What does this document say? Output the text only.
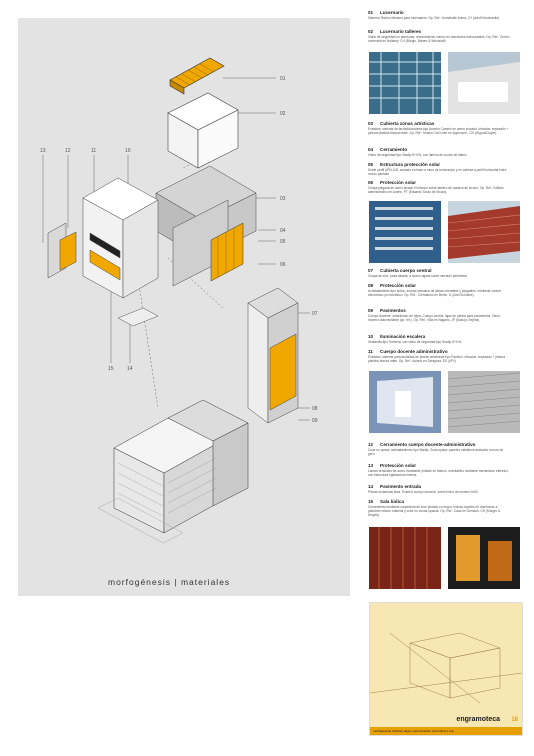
01
02
03
04
05
06
07
08
09
10
11
12
13
14
15
morfogénesis | materiales
01 Lucernario
Sistema Techno Mesano para lucernarios. Op. Ref.: Kunsthalle Arena, CY (Adolf Krischanitz)
02 Lucernario talleres
Vidrio de seguridad en aberturas, recubrimiento cónico en machones estructurales. Op. Ref.: Centro comercial en Nullarey, CH (Bürgin, Nissen & Wentzlaff)
03 Cubierta zonas artísticas
Extrados: sistema de fachada/cubierta tipo Ancelor Camelo en acero zincado. Intrados: enyesado + pintura plástica blanca mate. Op. Ref.: Museo Carl Liner en Appenzell - CH (Gigon&Guyer)
04 Cerramiento
Vidrio de seguridad tipo Stadip 6+4+6, con lámina de ccolos de titanio
05 Estructura protección solar
Doble perfil UPN-100, anclado en base a muro de mineración y en cabeza a perfil horizontal entre muros pantalla
06 Protección solar
Chapa plegada de acero lacado en blanco sobre tablero de madera de iscone. Op. Ref.: Edificio administrativo en Auenn, PT (Eduardo Souto de Moura)
07 Cubierta cuerpo central
Chapa de zinc, junta alzada, a cuarro aguas sobre cerratón perimetral.
08 Protección solar
Acristalamiento tipo Isolux, incluye persiana de lamas orientable y plegables, mediante control electrónico y/o domótico. Op. Ref.: Crematorio en Berlín, D (Axel Schultes)
09 Pavimentos
Cuerpo docente, entarimado de haya. Cuerpo central, lajas de piedra para pavimentos. Otros: mortero autonivelante (op. ref.). Op. Ref.: Villa en Nagano, JP (Kazuyo Sejima)
10 Iluminación escalera
Ventanilla tipo Techmal, con vidrio de seguridad tipo Stadip 6+4+6.
11 Cuerpo docente administrativo
Extrados: sistema para fachadas de piezas cerámicas tipo Faveton. Intrados: enyesado + pintura plástica blanca mate. Op. Ref.: Aulario en Zaragoza, ES (4FV)
12 Cerramiento cuerpo docente-administrativo
Zona no opaca: acristalamiento tipo Stadip. Zona opaca: paneles metálicos anclados a muro de gero.
13 Protección solar
Lamas verticales de acero inoxidable pintado en blanco, orientables mediante mecanismo eléctrico, con estructura rigidizadora interna.
14 Pavimento entrada
Piezas cerámicas lisas. Exteriór cuerpo docente, sobre lecho de mortero M40.
15 Sala lúdica
Cerramiento mediante carpintería de tove pintado en negro, incluso tapetes en machones a planches mismo material y color en zonas opacas. Op. Ref.: Casa en Gemach, CH (Morger & Degelo)
engramoteca 18
morfogénesis cultural | aliyel | aproximación a la cultura | arq
